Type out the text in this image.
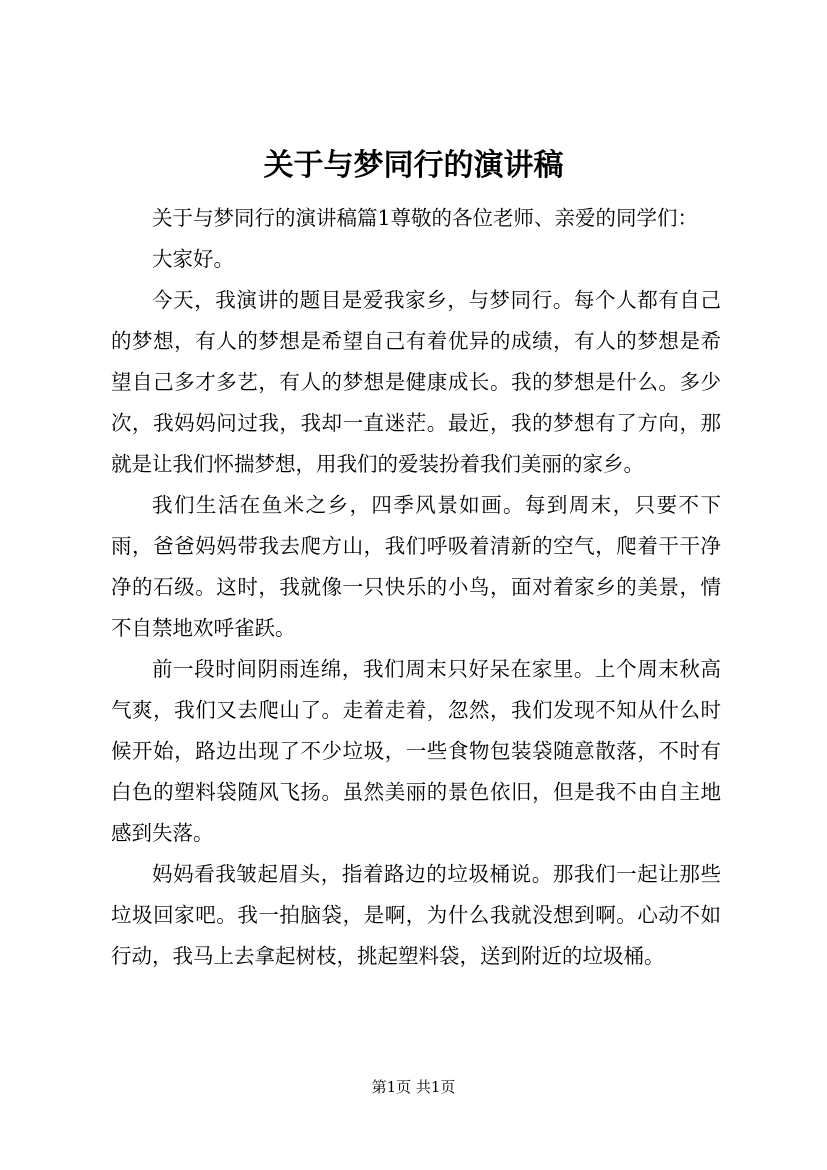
关于与梦同行的演讲稿

关于与梦同行的演讲稿篇1尊敬的各位老师、亲爱的同学们：

大家好。

今天，我演讲的题目是爱我家乡，与梦同行。每个人都有自己的梦想，有人的梦想是希望自己有着优异的成绩，有人的梦想是希望自己多才多艺，有人的梦想是健康成长。我的梦想是什么。多少次，我妈妈问过我，我却一直迷茫。最近，我的梦想有了方向，那就是让我们怀揣梦想，用我们的爱装扮着我们美丽的家乡。

我们生活在鱼米之乡，四季风景如画。每到周末，只要不下雨，爸爸妈妈带我去爬方山，我们呼吸着清新的空气，爬着干干净净的石级。这时，我就像一只快乐的小鸟，面对着家乡的美景，情不自禁地欢呼雀跃。

前一段时间阴雨连绵，我们周末只好呆在家里。上个周末秋高气爽，我们又去爬山了。走着走着，忽然，我们发现不知从什么时候开始，路边出现了不少垃圾，一些食物包装袋随意散落，不时有白色的塑料袋随风飞扬。虽然美丽的景色依旧，但是我不由自主地感到失落。

妈妈看我皱起眉头，指着路边的垃圾桶说。那我们一起让那些垃圾回家吧。我一拍脑袋，是啊，为什么我就没想到啊。心动不如行动，我马上去拿起树枝，挑起塑料袋，送到附近的垃圾桶。

第1页 共1页
